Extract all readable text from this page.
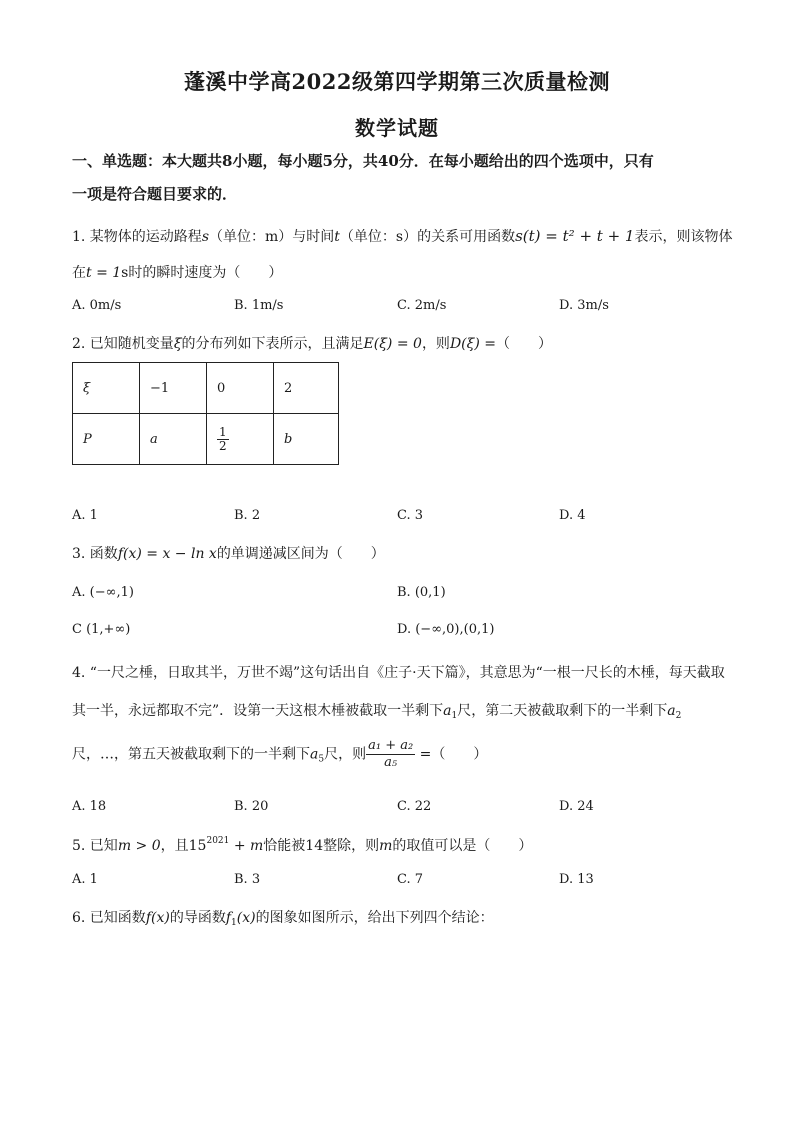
蓬溪中学高2022级第四学期第三次质量检测
数学试题
一、单选题：本大题共8小题，每小题5分，共40分．在每小题给出的四个选项中，只有
一项是符合题目要求的．
1. 某物体的运动路程s（单位：m）与时间t（单位：s）的关系可用函数s(t) = t² + t + 1表示，则该物体
在t = 1s时的瞬时速度为（　　）
A. 0m/s	B. 1m/s	C. 2m/s	D. 3m/s
2. 已知随机变量ξ的分布列如下表所示，且满足E(ξ) = 0，则D(ξ) =（　　）
ξ	−1	0	2
P	a	$\frac{1}{2}$	b
A. 1	B. 2	C. 3	D. 4
3. 函数f(x) = x − ln x的单调递减区间为（　　）
A. (−∞,1)	B. (0,1)
C (1,+∞)	D. (−∞,0),(0,1)
4. “一尺之棰，日取其半，万世不竭”这句话出自《庄子·天下篇》，其意思为“一根一尺长的木棰，每天截取
其一半，永远都取不完”．设第一天这根木棰被截取一半剩下$a_1$尺，第二天被截取剩下的一半剩下$a_2$
尺，…，第五天被截取剩下的一半剩下$a_5$尺，则 $\frac{\text{a₁ + a₂}}{\text{a₅}}$ =（　　）
A. 18	B. 20	C. 22	D. 24
5. 已知m > 0，且$15^{2021} + m$恰能被14整除，则m的取值可以是（　　）
A. 1	B. 3	C. 7	D. 13
6. 已知函数f(x)的导函数$f_1(x)$的图象如图所示，给出下列四个结论：
